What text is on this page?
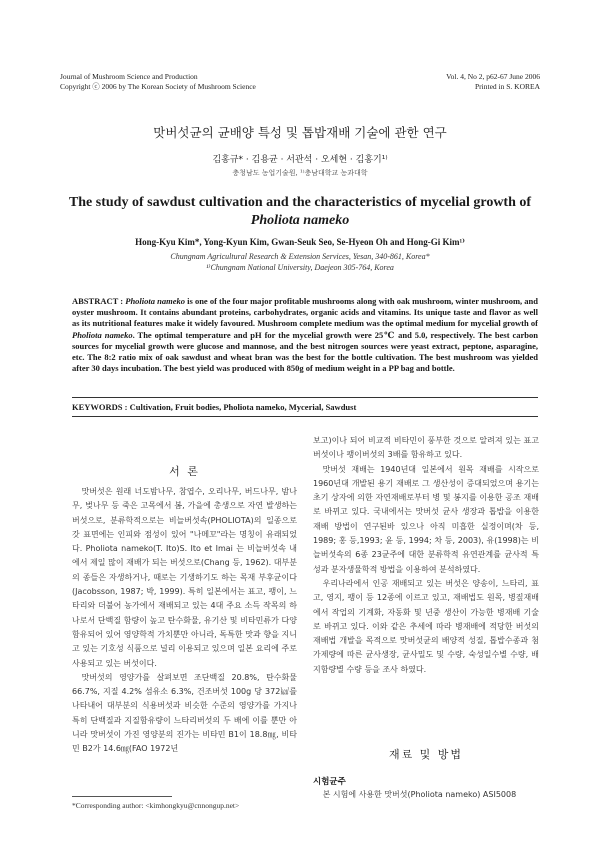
Journal of Mushroom Science and Production
Copyright ⓒ 2006 by The Korean Society of Mushroom Science
Vol. 4, No 2, p62-67 June 2006
Printed in S. KOREA
맛버섯균의 균배양 특성 및 톱밥재배 기술에 관한 연구
김홍규* · 김용균 · 서관석 · 오세현 · 김홍기¹⁾
충청남도 농업기술원, ¹⁾충남대학교 농과대학
The study of sawdust cultivation and the characteristics of mycelial growth of
Pholiota nameko
Hong-Kyu Kim*, Yong-Kyun Kim, Gwan-Seuk Seo, Se-Hyeon Oh and Hong-Gi Kim¹⁾
Chungnam Agricultural Research & Extension Services, Yesan, 340-861, Korea*
¹⁾Chungnam National University, Daejeon 305-764, Korea
ABSTRACT : Pholiota nameko is one of the four major profitable mushrooms along with oak mushroom, winter mushroom, and oyster mushroom. It contains abundant proteins, carbohydrates, organic acids and vitamins. Its unique taste and flavor as well as its nutritional features make it widely favoured. Mushroom complete medium was the optimal medium for mycelial growth of Pholiota nameko. The optimal temperature and pH for the mycelial growth were 25℃ and 5.0, respectively. The best carbon sources for mycelial growth were glucose and mannose, and the best nitrogen sources were yeast extract, peptone, asparagine, etc. The 8:2 ratio mix of oak sawdust and wheat bran was the best for the bottle cultivation. The best mushroom was yielded after 30 days incubation. The best yield was produced with 850g of medium weight in a PP bag and bottle.
KEYWORDS : Cultivation, Fruit bodies, Pholiota nameko, Mycerial, Sawdust
서 론

맛버섯은 원래 너도밤나무, 참엽수, 오리나무, 버드나무, 밤나무, 벚나무 등 죽은 고목에서 봄, 가을에 총생으로 자연 발생하는 버섯으로, 분류학적으로는 비늘버섯속(PHOLIOTA)의 일종으로 갓 표면에는 인피와 점성이 있어 "나메꼬"라는 명칭이 유래되었다. Pholiota nameko(T. Ito)S. Ito et Imai 는 비늘버섯속 내에서 제일 많이 재배가 되는 버섯으로(Chang 등, 1962). 대부분의 종들은 자생하거나, 때로는 기생하기도 하는 목재 부후균이다(Jacobsson, 1987; 박, 1999). 특히 일본에서는 표고, 팽이, 느타리와 더불어 농가에서 재배되고 있는 4대 주요 소득 작목의 하나로서 단백질 함량이 높고 탄수화물, 유기산 및 비타민류가 다양 함유되어 있어 영양학적 가치뿐만 아니라, 독특한 맛과 향을 지니고 있는 기호성 식품으로 널리 이용되고 있으며 일본 요리에 주로 사용되고 있는 버섯이다.

맛버섯의 영양가를 살펴보면 조단백질 20.8%, 탄수화물 66.7%, 지질 4.2% 섬유소 6.3%, 건조버섯 100g 당 372㎉를 나타내어 대부분의 식용버섯과 비슷한 수준의 영양가를 가지나 특히 단백질과 지질함유량이 느타리버섯의 두 배에 이를 뿐만 아니라 맛버섯이 가진 영양분의 진가는 비타민 B1이 18.8㎎, 비타민 B2가 14.6㎎(FAO 1972년

보고)이나 되어 비교적 비타민이 풍부한 것으로 알려져 있는 표고버섯이나 팽이버섯의 3배를 함유하고 있다.

맛버섯 재배는 1940년대 일본에서 원목 재배를 시작으로 1960년대 개발된 용기 재배로 그 생산성이 증대되었으며 용기는 초기 상자에 의한 자연재배로부터 병 및 봉지를 이용한 공조 재배로 바뀌고 있다. 국내에서는 맛버섯 균사 생장과 톱밥을 이용한 재배 방법이 연구된바 있으나 아직 미흡한 실정이며(차 등, 1989; 홍 등,1993; 윤 등, 1994; 차 등, 2003), 유(1998)는 비늘버섯속의 6종 23균주에 대한 분류학적 유연관계를 균사적 특성과 분자생물학적 방법을 이용하여 분석하였다.

우리나라에서 인공 재배되고 있는 버섯은 양송이, 느타리, 표고, 영지, 팽이 등 12종에 이르고 있고, 재배법도 원목, 병짚재배에서 작업의 기계화, 자동화 및 년중 생산이 가능한 병재배 기술로 바뀌고 있다. 이와 같은 추세에 따라 병재배에 적당한 버섯의 재배법 개발을 목적으로 맛버섯균의 배양적 성질, 톱밥수종과 첨가제량에 따른 균사생장, 균사밀도 및 수량, 숙성일수별 수량, 배지함량별 수량 등을 조사 하였다.

재료 및 방법
시험균주

본 시험에 사용한 맛버섯(Pholiota nameko) ASI5008

*Corresponding author: <kimhongkyu@cnnongup.net>
